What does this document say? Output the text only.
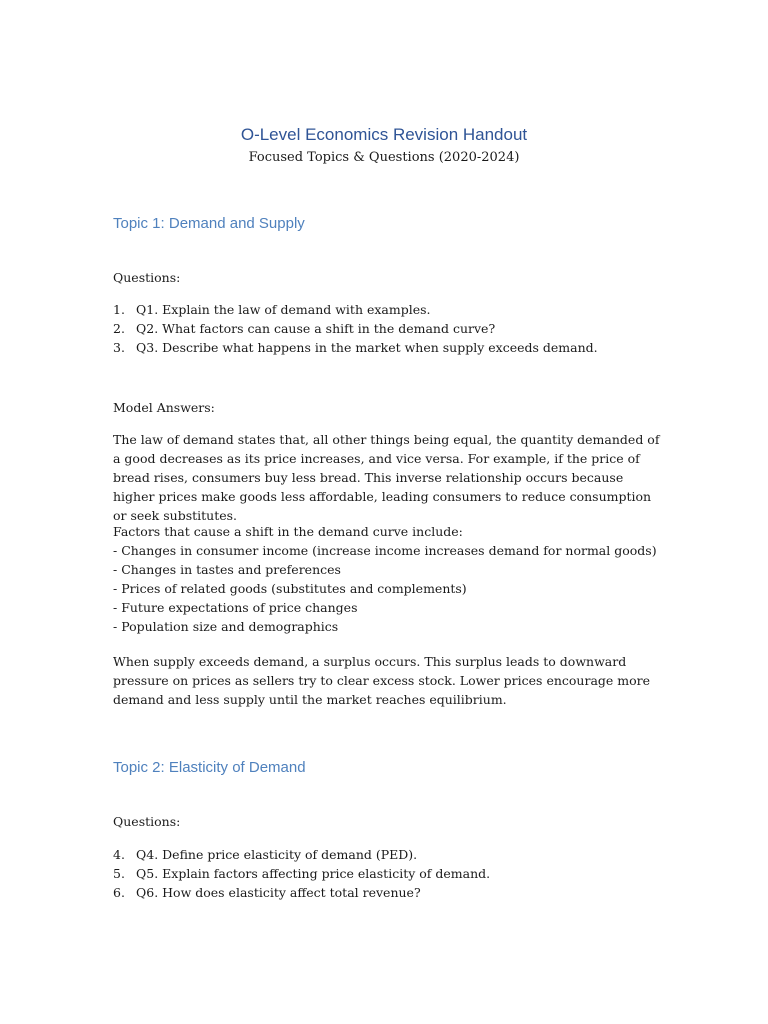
O-Level Economics Revision Handout
Focused Topics & Questions (2020-2024)
Topic 1: Demand and Supply
Questions:
1. Q1. Explain the law of demand with examples.
2. Q2. What factors can cause a shift in the demand curve?
3. Q3. Describe what happens in the market when supply exceeds demand.
Model Answers:
The law of demand states that, all other things being equal, the quantity demanded of a good decreases as its price increases, and vice versa. For example, if the price of bread rises, consumers buy less bread. This inverse relationship occurs because higher prices make goods less affordable, leading consumers to reduce consumption or seek substitutes.
Factors that cause a shift in the demand curve include:
- Changes in consumer income (increase income increases demand for normal goods)
- Changes in tastes and preferences
- Prices of related goods (substitutes and complements)
- Future expectations of price changes
- Population size and demographics
When supply exceeds demand, a surplus occurs. This surplus leads to downward pressure on prices as sellers try to clear excess stock. Lower prices encourage more demand and less supply until the market reaches equilibrium.
Topic 2: Elasticity of Demand
Questions:
4. Q4. Define price elasticity of demand (PED).
5. Q5. Explain factors affecting price elasticity of demand.
6. Q6. How does elasticity affect total revenue?
